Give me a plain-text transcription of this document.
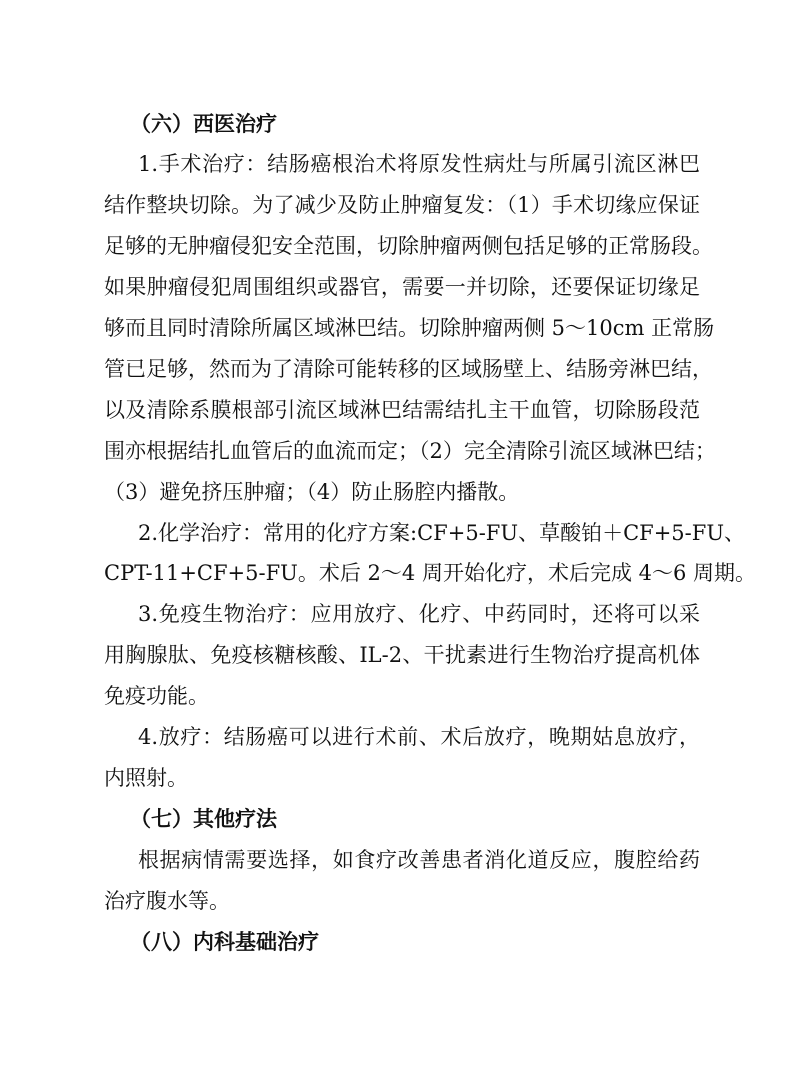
（六）西医治疗
1.手术治疗：结肠癌根治术将原发性病灶与所属引流区淋巴
结作整块切除。为了减少及防止肿瘤复发：（1）手术切缘应保证
足够的无肿瘤侵犯安全范围，切除肿瘤两侧包括足够的正常肠段。
如果肿瘤侵犯周围组织或器官，需要一并切除，还要保证切缘足
够而且同时清除所属区域淋巴结。切除肿瘤两侧 5～10cm 正常肠
管已足够，然而为了清除可能转移的区域肠壁上、结肠旁淋巴结，
以及清除系膜根部引流区域淋巴结需结扎主干血管，切除肠段范
围亦根据结扎血管后的血流而定；（2）完全清除引流区域淋巴结；
（3）避免挤压肿瘤；（4）防止肠腔内播散。
2.化学治疗：常用的化疗方案:CF+5-FU、草酸铂＋CF+5-FU、
CPT-11+CF+5-FU。术后 2～4 周开始化疗，术后完成 4～6 周期。
3.免疫生物治疗：应用放疗、化疗、中药同时，还将可以采
用胸腺肽、免疫核糖核酸、IL-2、干扰素进行生物治疗提高机体
免疫功能。
4.放疗：结肠癌可以进行术前、术后放疗，晚期姑息放疗，
内照射。
（七）其他疗法
根据病情需要选择，如食疗改善患者消化道反应，腹腔给药
治疗腹水等。
（八）内科基础治疗
